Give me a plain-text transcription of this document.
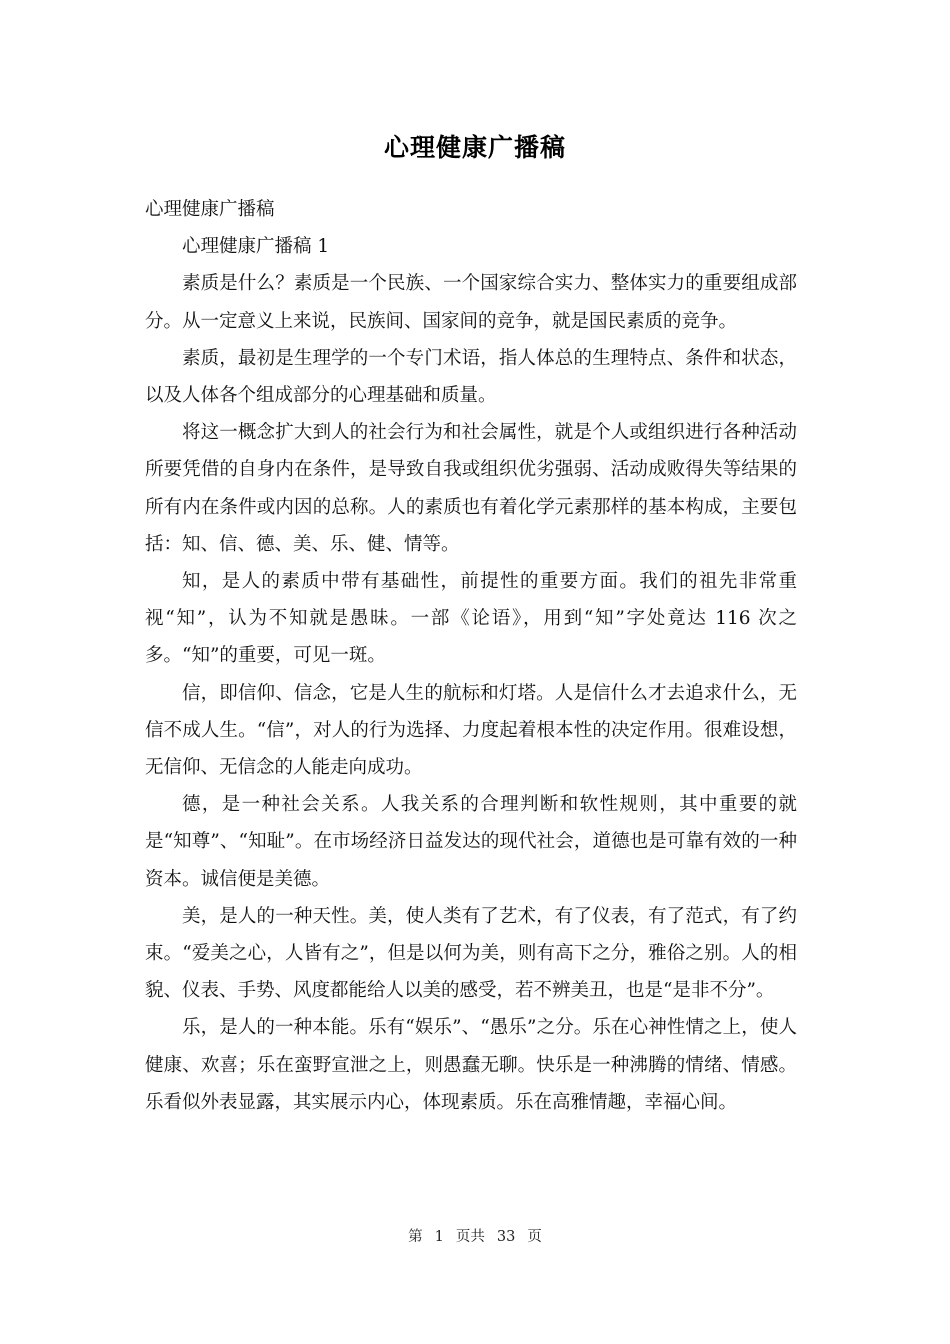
心理健康广播稿

心理健康广播稿

心理健康广播稿 1

素质是什么？素质是一个民族、一个国家综合实力、整体实力的重要组成部分。从一定意义上来说，民族间、国家间的竞争，就是国民素质的竞争。

素质，最初是生理学的一个专门术语，指人体总的生理特点、条件和状态，以及人体各个组成部分的心理基础和质量。

将这一概念扩大到人的社会行为和社会属性，就是个人或组织进行各种活动所要凭借的自身内在条件，是导致自我或组织优劣强弱、活动成败得失等结果的所有内在条件或内因的总称。人的素质也有着化学元素那样的基本构成，主要包括：知、信、德、美、乐、健、情等。

知，是人的素质中带有基础性，前提性的重要方面。我们的祖先非常重视“知”，认为不知就是愚昧。一部《论语》，用到“知”字处竟达 116 次之多。“知”的重要，可见一斑。

信，即信仰、信念，它是人生的航标和灯塔。人是信什么才去追求什么，无信不成人生。“信”，对人的行为选择、力度起着根本性的决定作用。很难设想，无信仰、无信念的人能走向成功。

德，是一种社会关系。人我关系的合理判断和软性规则，其中重要的就是“知尊”、“知耻”。在市场经济日益发达的现代社会，道德也是可靠有效的一种资本。诚信便是美德。

美，是人的一种天性。美，使人类有了艺术，有了仪表，有了范式，有了约束。“爱美之心，人皆有之”，但是以何为美，则有高下之分，雅俗之别。人的相貌、仪表、手势、风度都能给人以美的感受，若不辨美丑，也是“是非不分”。

乐，是人的一种本能。乐有“娱乐”、“愚乐”之分。乐在心神性情之上，使人健康、欢喜；乐在蛮野宣泄之上，则愚蠢无聊。快乐是一种沸腾的情绪、情感。乐看似外表显露，其实展示内心，体现素质。乐在高雅情趣，幸福心间。

第 1 页共 33 页
